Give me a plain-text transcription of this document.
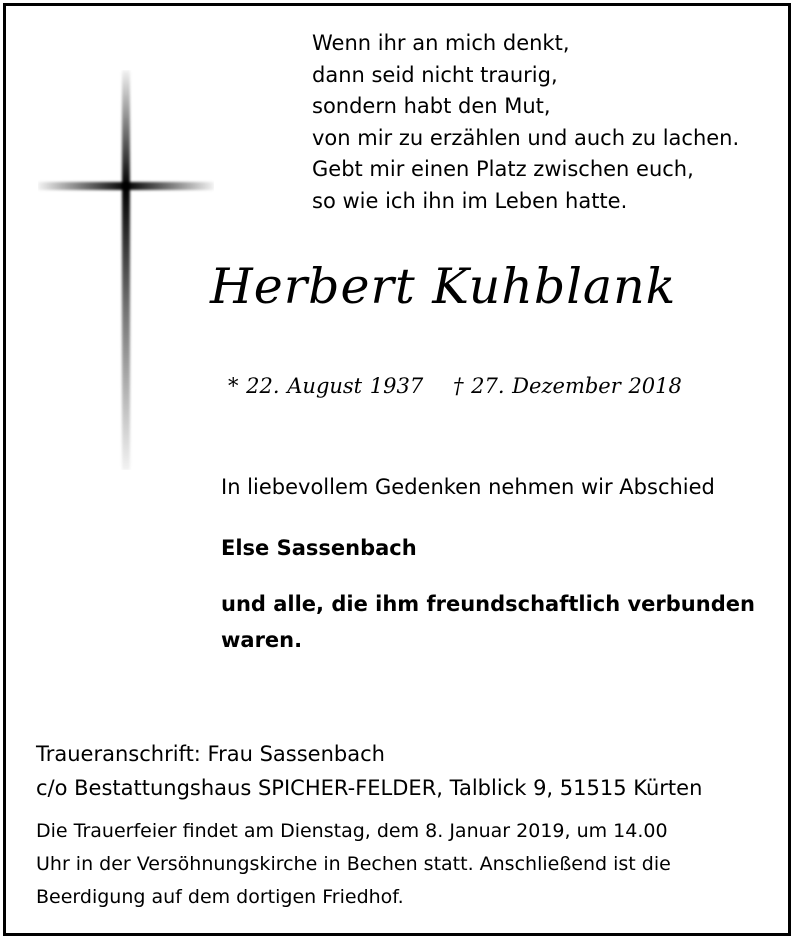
Wenn ihr an mich denkt,
dann seid nicht traurig,
sondern habt den Mut,
von mir zu erzählen und auch zu lachen.
Gebt mir einen Platz zwischen euch,
so wie ich ihn im Leben hatte.
Herbert Kuhblank
* 22. August 1937 † 27. Dezember 2018
In liebevollem Gedenken nehmen wir Abschied
Else Sassenbach
und alle, die ihm freundschaftlich verbunden waren.
Traueranschrift: Frau Sassenbach
c/o Bestattungshaus SPICHER-FELDER, Talblick 9, 51515 Kürten
Die Trauerfeier findet am Dienstag, dem 8. Januar 2019, um 14.00
Uhr in der Versöhnungskirche in Bechen statt. Anschließend ist die
Beerdigung auf dem dortigen Friedhof.
